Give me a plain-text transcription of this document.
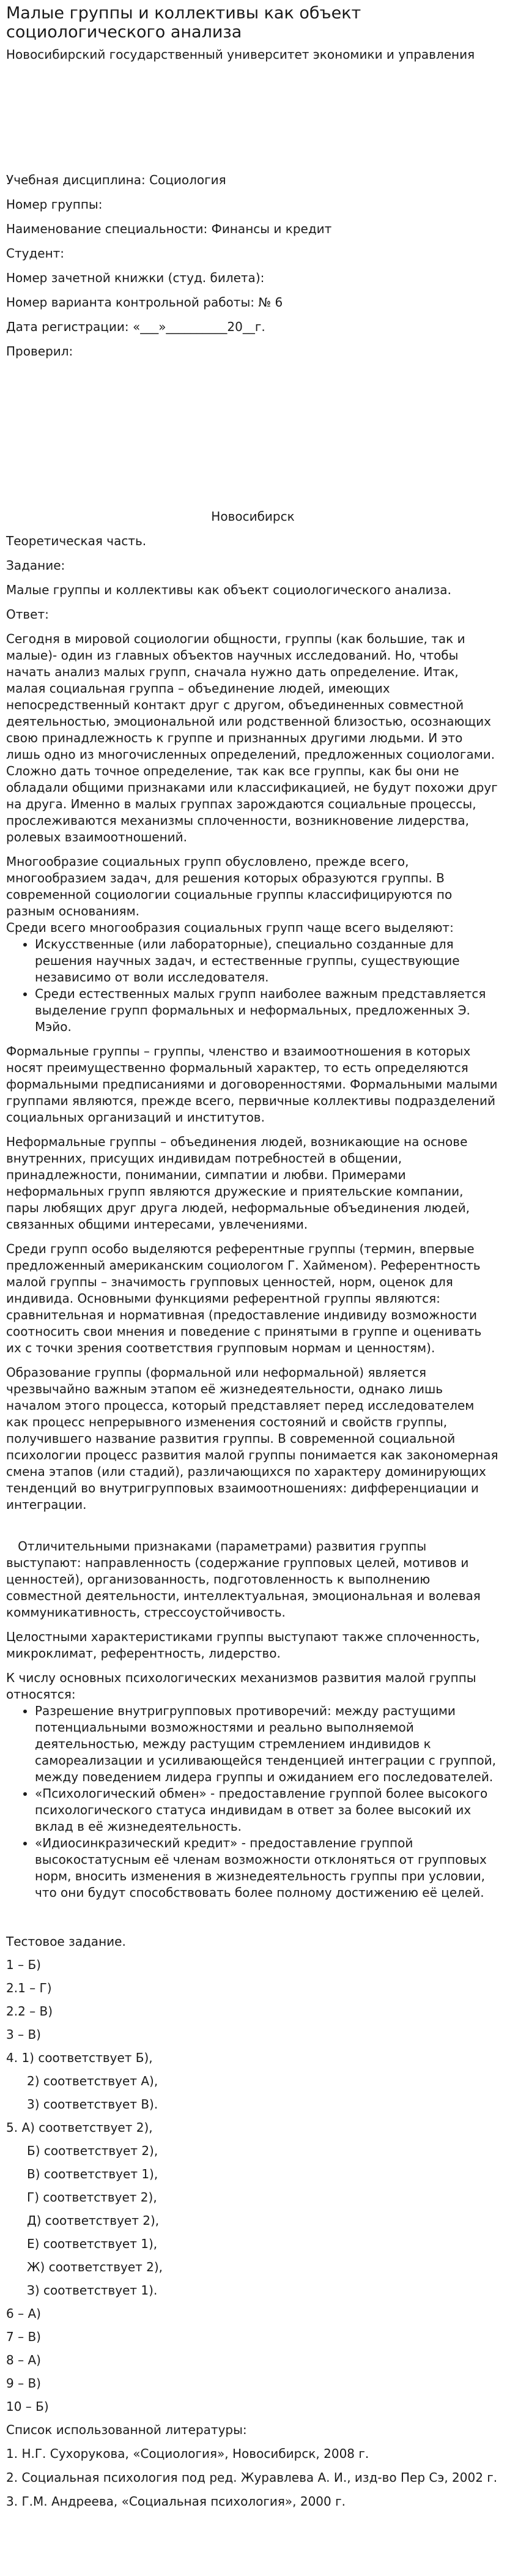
Малые группы и коллективы как объект социологического анализа

Новосибирский государственный университет экономики и управления

Учебная дисциплина: Социология

Номер группы:

Наименование специальности: Финансы и кредит

Студент:

Номер зачетной книжки (студ. билета):

Номер варианта контрольной работы: № 6

Дата регистрации: «___»__________20__г.

Проверил:

Новосибирск

Теоретическая часть.

Задание:

Малые группы и коллективы как объект социологического анализа.

Ответ:

Сегодня в мировой социологии общности, группы (как большие, так и малые)- один из главных объектов научных исследований. Но, чтобы начать анализ малых групп, сначала нужно дать определение. Итак, малая социальная группа – объединение людей, имеющих непосредственный контакт друг с другом, объединенных совместной деятельностью, эмоциональной или родственной близостью, осознающих свою принадлежность к группе и признанных другими людьми. И это лишь одно из многочисленных определений, предложенных социологами. Сложно дать точное определение, так как все группы, как бы они не обладали общими признаками или классификацией, не будут похожи друг на друга. Именно в малых группах зарождаются социальные процессы, прослеживаются механизмы сплоченности, возникновение лидерства, ролевых взаимоотношений.

Многообразие социальных групп обусловлено, прежде всего, многообразием задач, для решения которых образуются группы. В современной социологии социальные группы классифицируются по разным основаниям.

Среди всего многообразия социальных групп чаще всего выделяют:

• Искусственные (или лабораторные), специально созданные для решения научных задач, и естественные группы, существующие независимо от воли исследователя.
• Среди естественных малых групп наиболее важным представляется выделение групп формальных и неформальных, предложенных Э. Мэйо.

Формальные группы – группы, членство и взаимоотношения в которых носят преимущественно формальный характер, то есть определяются формальными предписаниями и договоренностями. Формальными малыми группами являются, прежде всего, первичные коллективы подразделений социальных организаций и институтов.

Неформальные группы – объединения людей, возникающие на основе внутренних, присущих индивидам потребностей в общении, принадлежности, понимании, симпатии и любви. Примерами неформальных групп являются дружеские и приятельские компании, пары любящих друг друга людей, неформальные объединения людей, связанных общими интересами, увлечениями.

Среди групп особо выделяются референтные группы (термин, впервые предложенный американским социологом Г. Хайменом). Референтность малой группы – значимость групповых ценностей, норм, оценок для индивида. Основными функциями референтной группы являются: сравнительная и нормативная (предоставление индивиду возможности соотносить свои мнения и поведение с принятыми в группе и оценивать их с точки зрения соответствия групповым нормам и ценностям).

Образование группы (формальной или неформальной) является чрезвычайно важным этапом её жизнедеятельности, однако лишь началом этого процесса, который представляет перед исследователем как процесс непрерывного изменения состояний и свойств группы, получившего название развития группы. В современной социальной психологии процесс развития малой группы понимается как закономерная смена этапов (или стадий), различающихся по характеру доминирующих тенденций во внутригрупповых взаимоотношениях: дифференциации и интеграции.

Отличительными признаками (параметрами) развития группы выступают: направленность (содержание групповых целей, мотивов и ценностей), организованность, подготовленность к выполнению совместной деятельности, интеллектуальная, эмоциональная и волевая коммуникативность, стрессоустойчивость.

Целостными характеристиками группы выступают также сплоченность, микроклимат, референтность, лидерство.

К числу основных психологических механизмов развития малой группы относятся:

• Разрешение внутригрупповых противоречий: между растущими потенциальными возможностями и реально выполняемой деятельностью, между растущим стремлением индивидов к самореализации и усиливающейся тенденцией интеграции с группой, между поведением лидера группы и ожиданием его последователей.
• «Психологический обмен» - предоставление группой более высокого психологического статуса индивидам в ответ за более высокий их вклад в её жизнедеятельность.
• «Идиосинкразический кредит» - предоставление группой высокостатусным её членам возможности отклоняться от групповых норм, вносить изменения в жизнедеятельность группы при условии, что они будут способствовать более полному достижению её целей.

Тестовое задание.

1 – Б)

2.1 – Г)

2.2 – В)

3 – В)

4. 1) соответствует Б),

2) соответствует А),

3) соответствует В).

5. А) соответствует 2),

Б) соответствует 2),

В) соответствует 1),

Г) соответствует 2),

Д) соответствует 2),

Е) соответствует 1),

Ж) соответствует 2),

З) соответствует 1).

6 – А)

7 – В)

8 – А)

9 – В)

10 – Б)

Список использованной литературы:

1. Н.Г. Сухорукова, «Социология», Новосибирск, 2008 г.

2. Социальная психология под ред. Журавлева А. И., изд-во Пер Сэ, 2002 г.

3. Г.М. Андреева, «Социальная психология», 2000 г.
